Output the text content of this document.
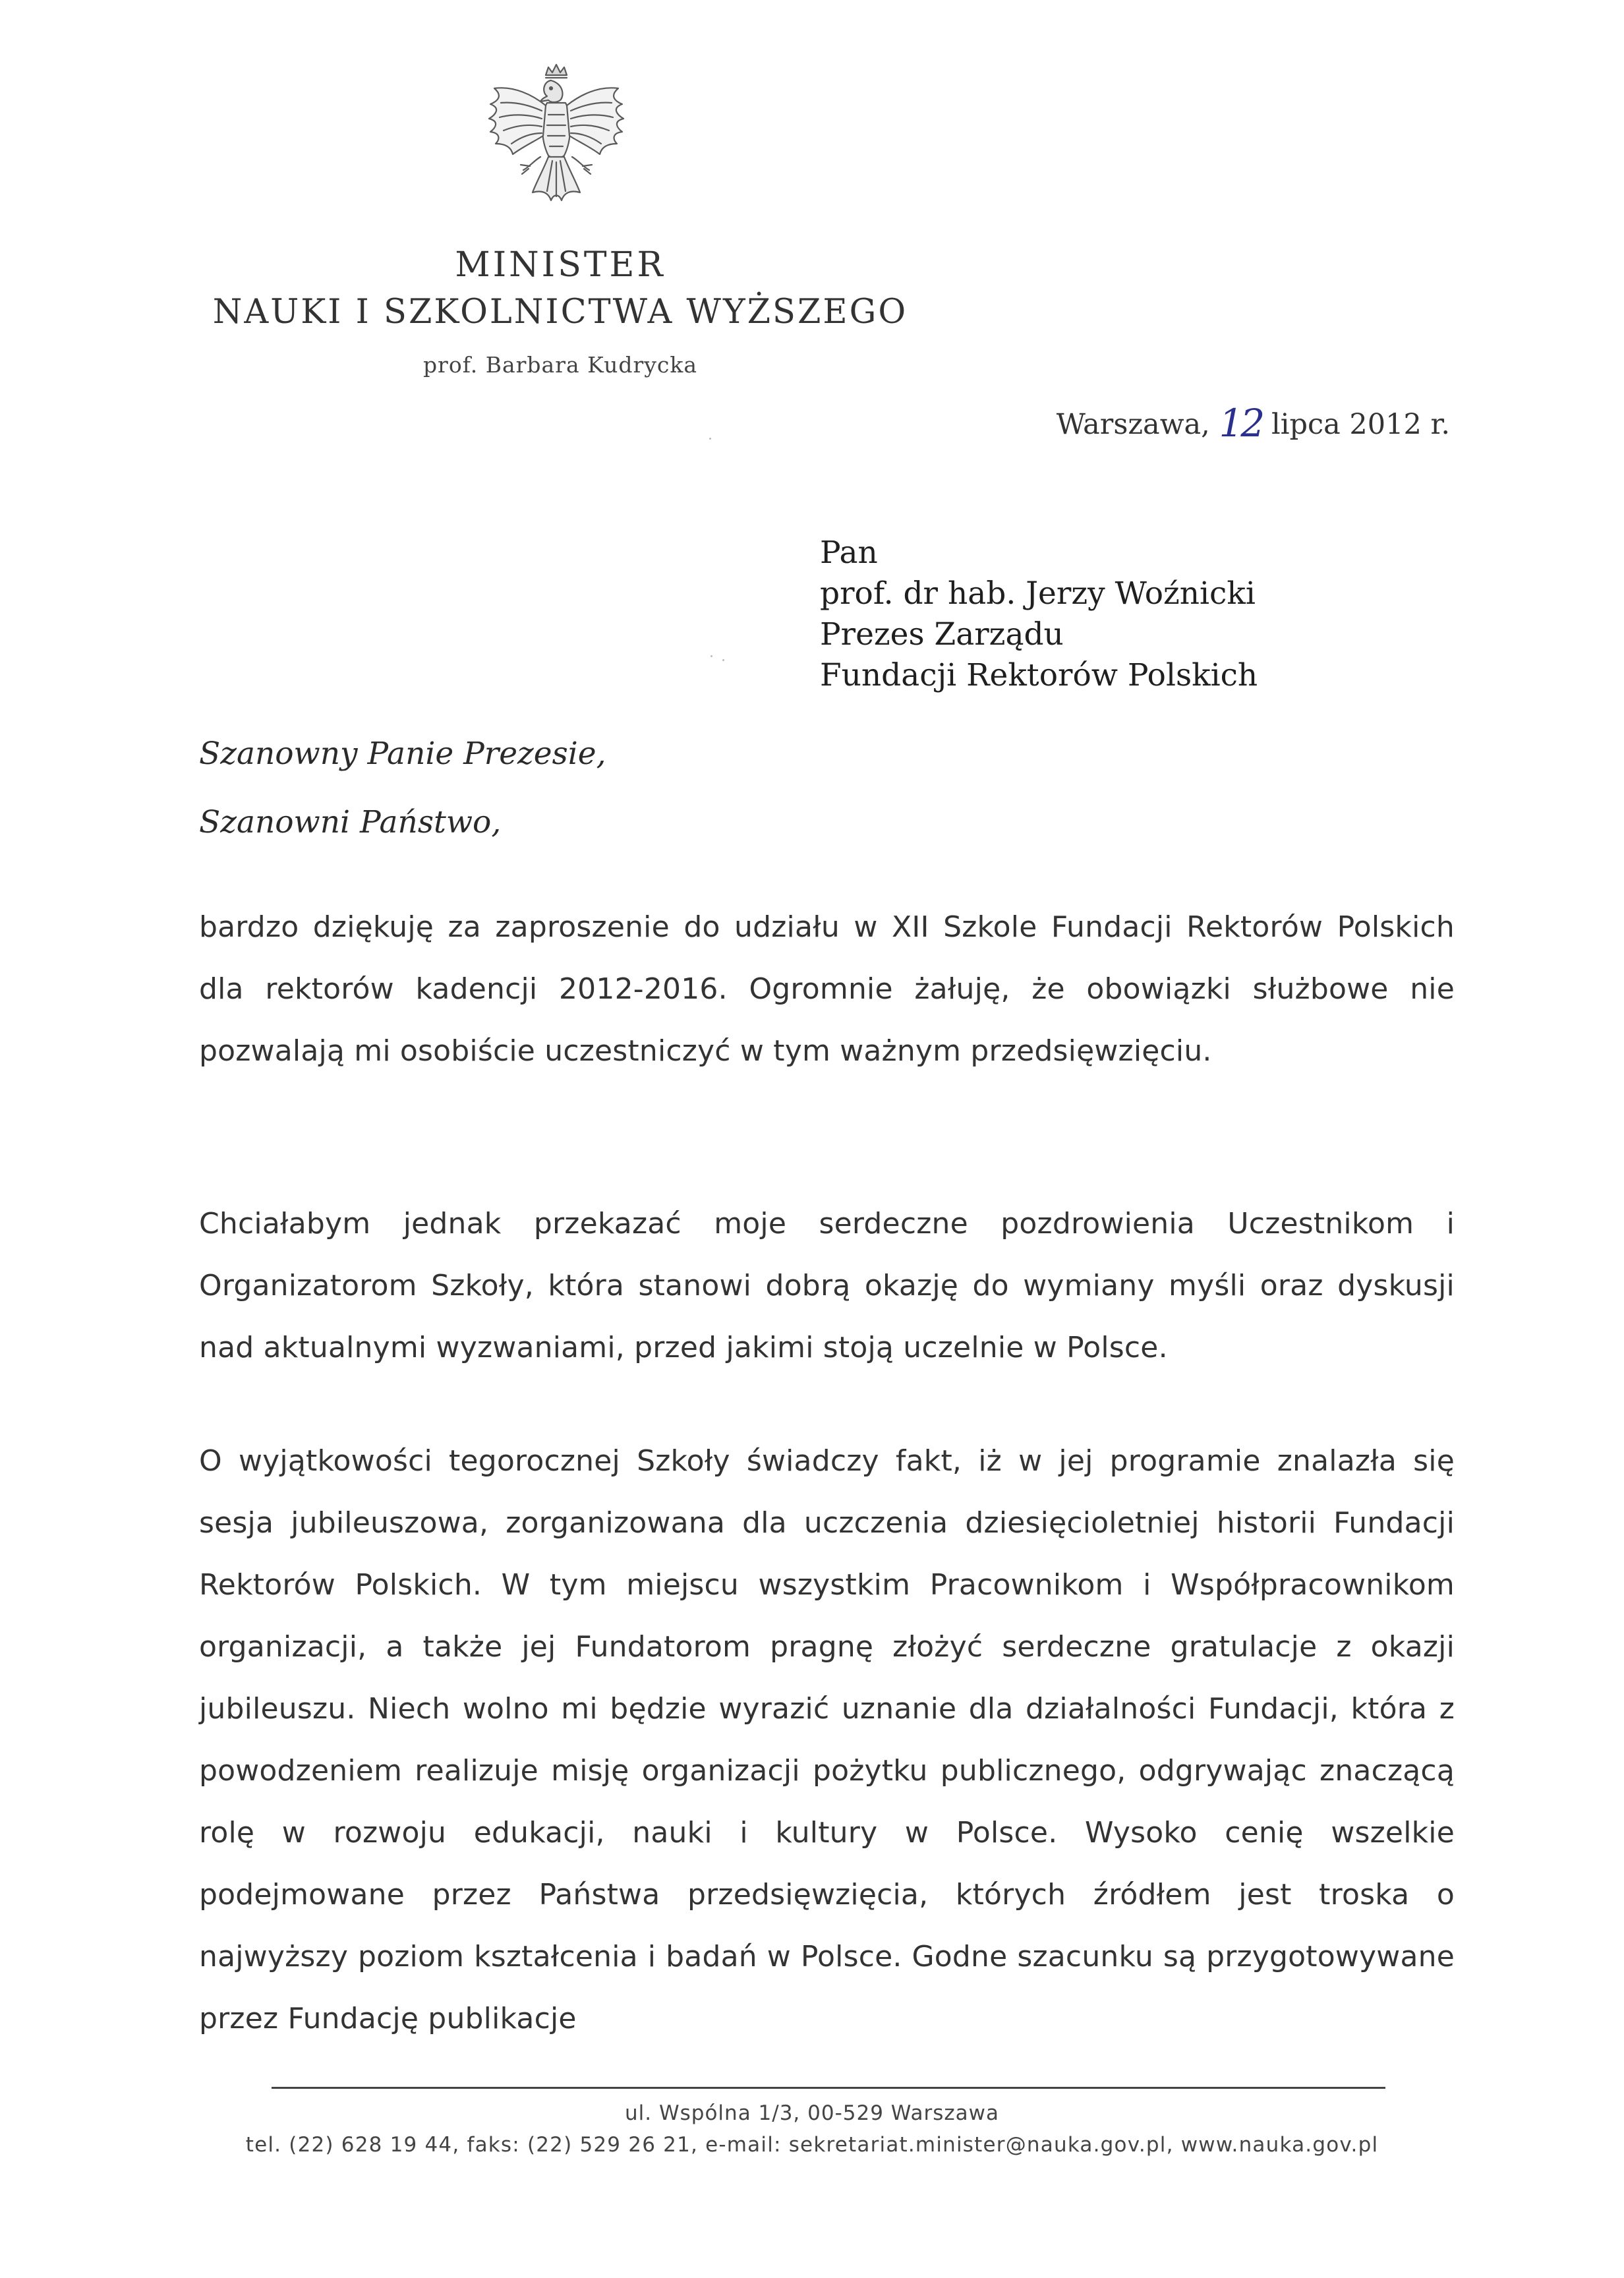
MINISTER
NAUKI I SZKOLNICTWA WYŻSZEGO
prof. Barbara Kudrycka
Warszawa, 12 lipca 2012 r.
Pan
prof. dr hab. Jerzy Woźnicki
Prezes Zarządu
Fundacji Rektorów Polskich
Szanowny Panie Prezesie,
Szanowni Państwo,
bardzo dziękuję za zaproszenie do udziału w XII Szkole Fundacji Rektorów Polskich dla rektorów kadencji 2012-2016. Ogromnie żałuję, że obowiązki służbowe nie pozwalają mi osobiście uczestniczyć w tym ważnym przedsięwzięciu.
Chciałabym jednak przekazać moje serdeczne pozdrowienia Uczestnikom i Organizatorom Szkoły, która stanowi dobrą okazję do wymiany myśli oraz dyskusji nad aktualnymi wyzwaniami, przed jakimi stoją uczelnie w Polsce.
O wyjątkowości tegorocznej Szkoły świadczy fakt, iż w jej programie znalazła się sesja jubileuszowa, zorganizowana dla uczczenia dziesięcioletniej historii Fundacji Rektorów Polskich. W tym miejscu wszystkim Pracownikom i Współpracownikom organizacji, a także jej Fundatorom pragnę złożyć serdeczne gratulacje z okazji jubileuszu. Niech wolno mi będzie wyrazić uznanie dla działalności Fundacji, która z powodzeniem realizuje misję organizacji pożytku publicznego, odgrywając znaczącą rolę w rozwoju edukacji, nauki i kultury w Polsce. Wysoko cenię wszelkie podejmowane przez Państwa przedsięwzięcia, których źródłem jest troska o najwyższy poziom kształcenia i badań w Polsce. Godne szacunku są przygotowywane przez Fundację publikacje
ul. Wspólna 1/3, 00-529 Warszawa
tel. (22) 628 19 44, faks: (22) 529 26 21, e-mail: sekretariat.minister@nauka.gov.pl, www.nauka.gov.pl
